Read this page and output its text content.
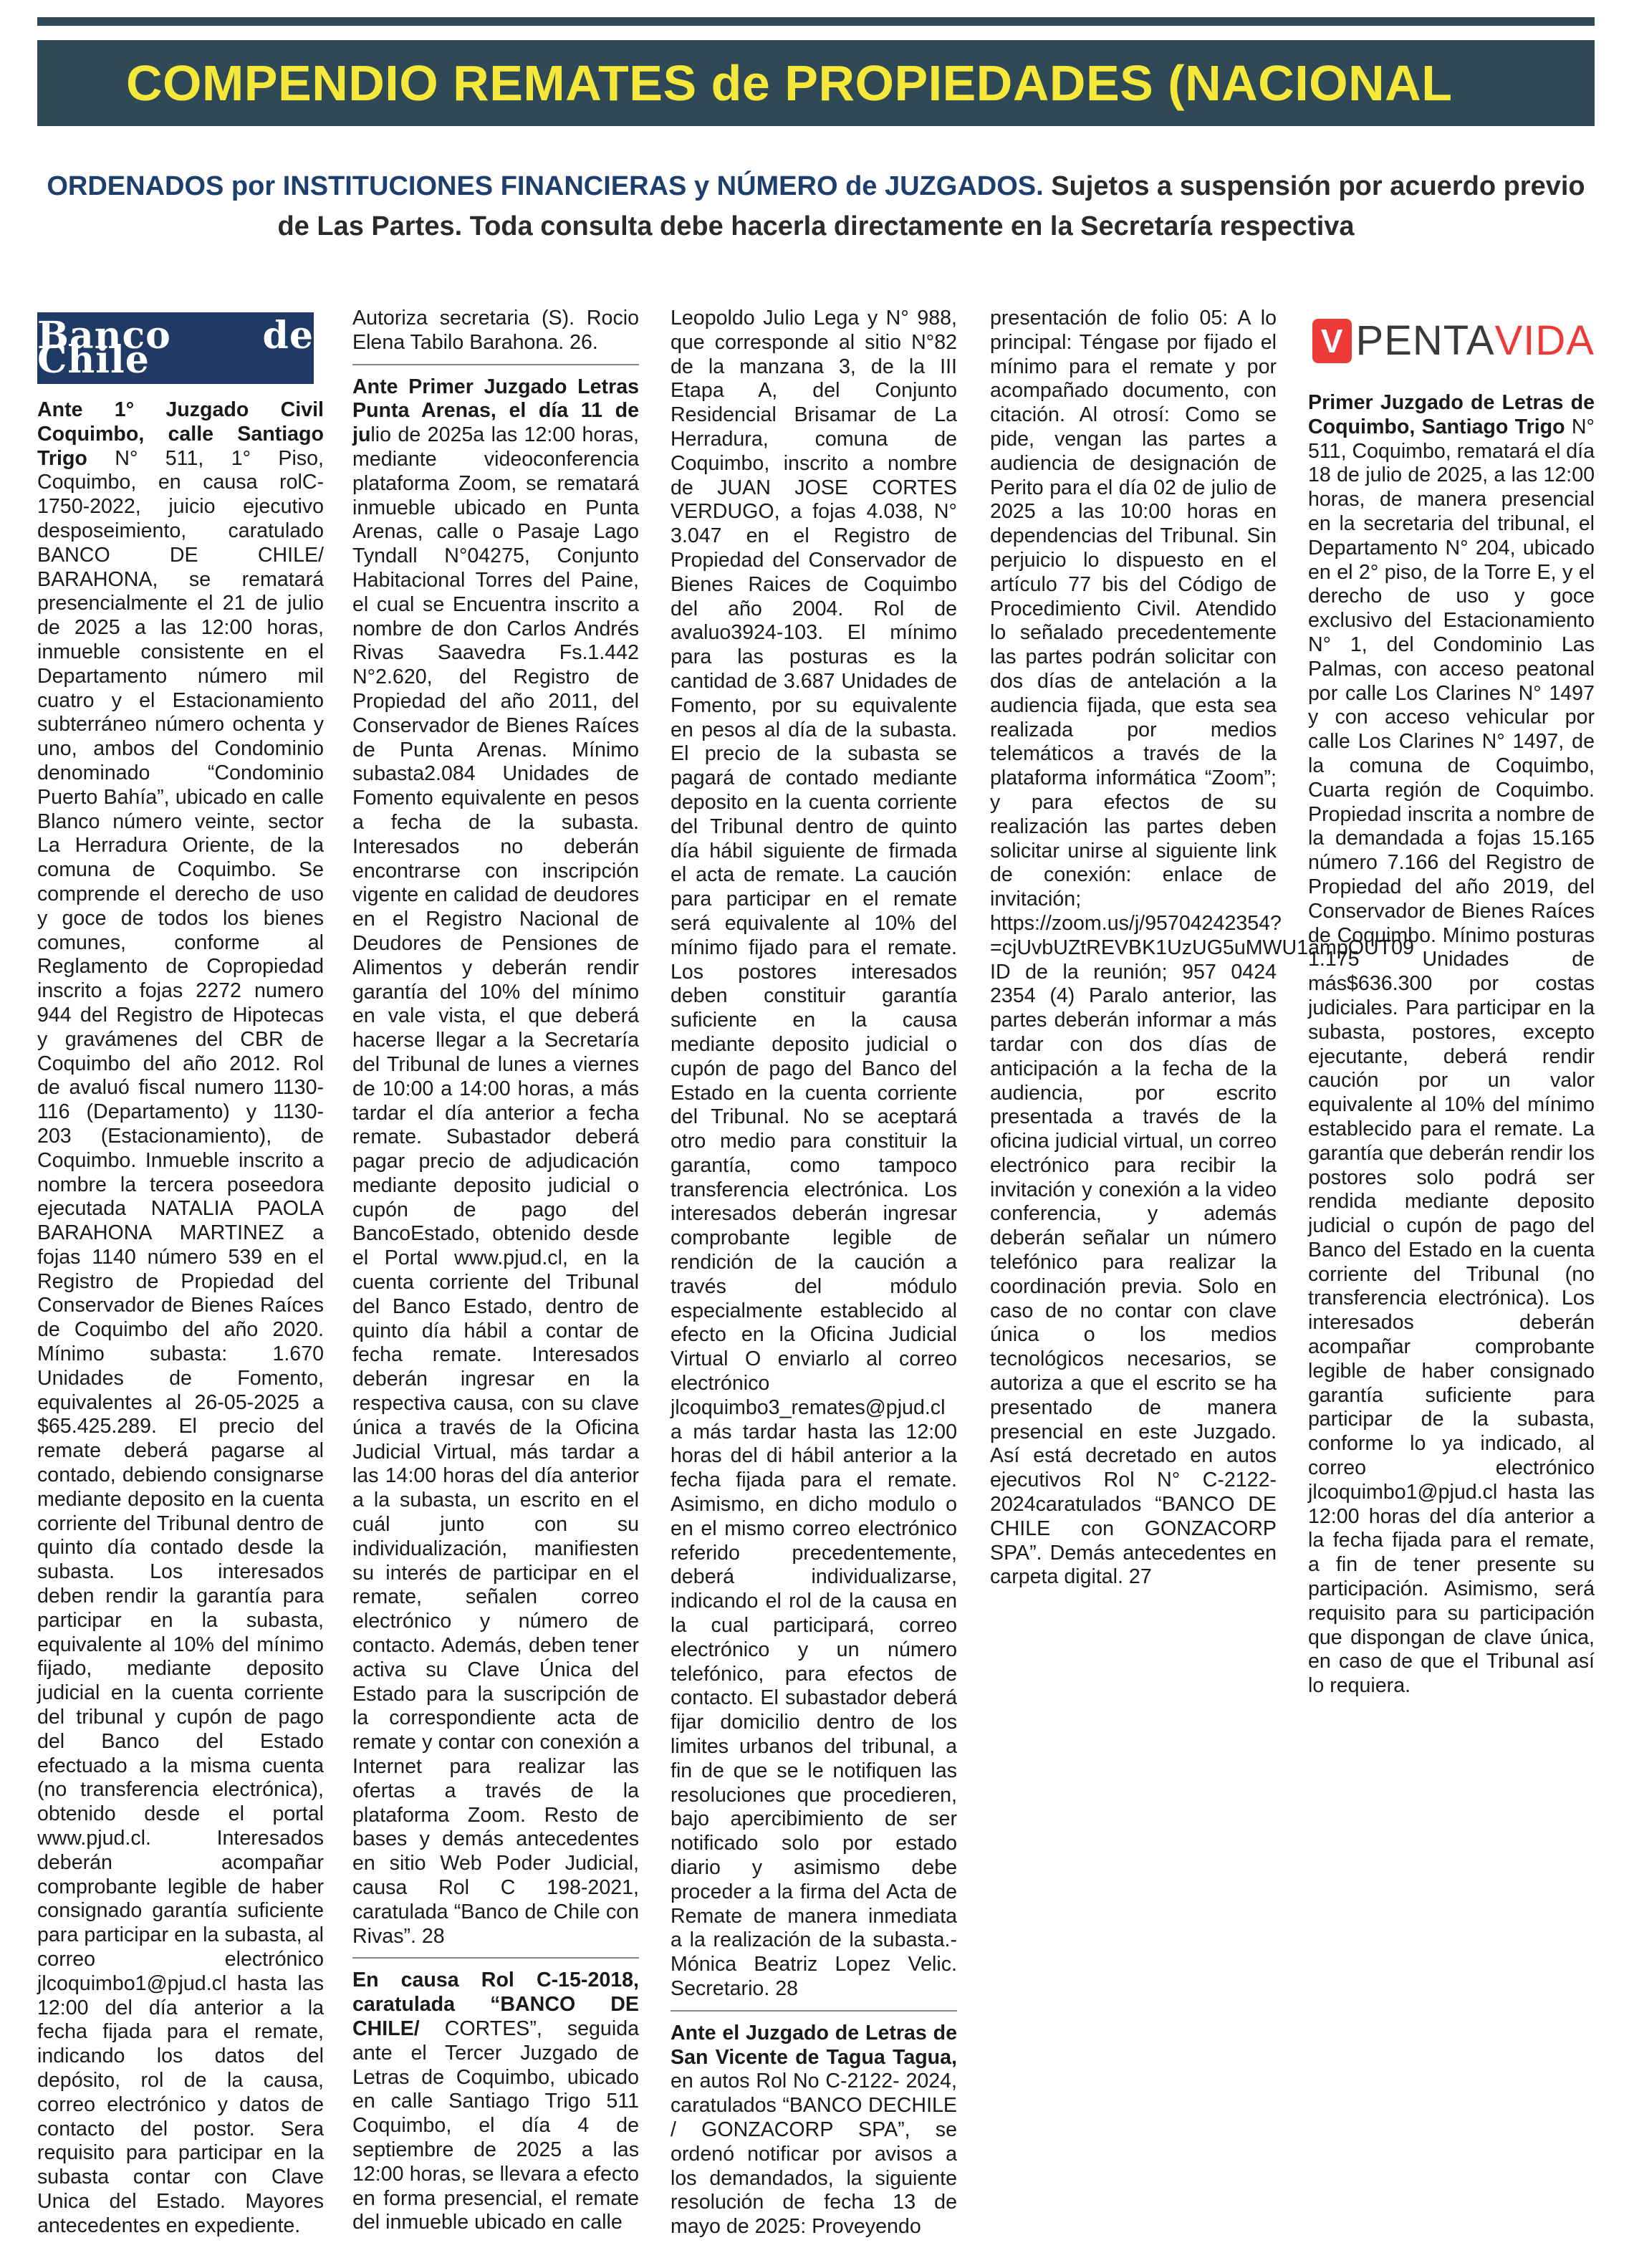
COMPENDIO REMATES de PROPIEDADES (NACIONAL
ORDENADOS por INSTITUCIONES FINANCIERAS y NÚMERO de JUZGADOS. Sujetos a suspensión por acuerdo previo de Las Partes. Toda consulta debe hacerla directamente en la Secretaría respectiva
Banco de Chile

Ante 1° Juzgado Civil Coquimbo, calle Santiago Trigo N° 511, 1° Piso, Coquimbo, en causa rolC-1750-2022, juicio ejecutivo desposeimiento, caratulado BANCO DE CHILE/ BARAHONA, se rematará presencialmente el 21 de julio de 2025 a las 12:00 horas, inmueble consistente en el Departamento número mil cuatro y el Estacionamiento subterráneo número ochenta y uno, ambos del Condominio denominado “Condominio Puerto Bahía”, ubicado en calle Blanco número veinte, sector La Herradura Oriente, de la comuna de Coquimbo. Se comprende el derecho de uso y goce de todos los bienes comunes, conforme al Reglamento de Copropiedad inscrito a fojas 2272 numero 944 del Registro de Hipotecas y gravámenes del CBR de Coquimbo del año 2012. Rol de avaluó fiscal numero 1130-116 (Departamento) y 1130-203 (Estacionamiento), de Coquimbo. Inmueble inscrito a nombre la tercera poseedora ejecutada NATALIA PAOLA BARAHONA MARTINEZ a fojas 1140 número 539 en el Registro de Propiedad del Conservador de Bienes Raíces de Coquimbo del año 2020. Mínimo subasta: 1.670 Unidades de Fomento, equivalentes al 26-05-2025 a $65.425.289. El precio del remate deberá pagarse al contado, debiendo consignarse mediante deposito en la cuenta corriente del Tribunal dentro de quinto día contado desde la subasta. Los interesados deben rendir la garantía para participar en la subasta, equivalente al 10% del mínimo fijado, mediante deposito judicial en la cuenta corriente del tribunal y cupón de pago del Banco del Estado efectuado a la misma cuenta (no transferencia electrónica), obtenido desde el portal www.pjud.cl. Interesados deberán acompañar comprobante legible de haber consignado garantía suficiente para participar en la subasta, al correo electrónico jlcoquimbo1@pjud.cl hasta las 12:00 del día anterior a la fecha fijada para el remate, indicando los datos del depósito, rol de la causa, correo electrónico y datos de contacto del postor. Sera requisito para participar en la subasta contar con Clave Unica del Estado. Mayores antecedentes en expediente.

Autoriza secretaria (S). Rocio Elena Tabilo Barahona. 26.

Ante Primer Juzgado Letras Punta Arenas, el día 11 de julio de 2025a las 12:00 horas, mediante videoconferencia plataforma Zoom, se rematará inmueble ubicado en Punta Arenas, calle o Pasaje Lago Tyndall N°04275, Conjunto Habitacional Torres del Paine, el cual se Encuentra inscrito a nombre de don Carlos Andrés Rivas Saavedra Fs.1.442 N°2.620, del Registro de Propiedad del año 2011, del Conservador de Bienes Raíces de Punta Arenas. Mínimo subasta2.084 Unidades de Fomento equivalente en pesos a fecha de la subasta. Interesados no deberán encontrarse con inscripción vigente en calidad de deudores en el Registro Nacional de Deudores de Pensiones de Alimentos y deberán rendir garantía del 10% del mínimo en vale vista, el que deberá hacerse llegar a la Secretaría del Tribunal de lunes a viernes de 10:00 a 14:00 horas, a más tardar el día anterior a fecha remate. Subastador deberá pagar precio de adjudicación mediante deposito judicial o cupón de pago del BancoEstado, obtenido desde el Portal www.pjud.cl, en la cuenta corriente del Tribunal del Banco Estado, dentro de quinto día hábil a contar de fecha remate. Interesados deberán ingresar en la respectiva causa, con su clave única a través de la Oficina Judicial Virtual, más tardar a las 14:00 horas del día anterior a la subasta, un escrito en el cuál junto con su individualización, manifiesten su interés de participar en el remate, señalen correo electrónico y número de contacto. Además, deben tener activa su Clave Única del Estado para la suscripción de la correspondiente acta de remate y contar con conexión a Internet para realizar las ofertas a través de la plataforma Zoom. Resto de bases y demás antecedentes en sitio Web Poder Judicial, causa Rol C 198-2021, caratulada “Banco de Chile con Rivas”. 28

En causa Rol C-15-2018, caratulada “BANCO DE CHILE/ CORTES”, seguida ante el Tercer Juzgado de Letras de Coquimbo, ubicado en calle Santiago Trigo 511 Coquimbo, el día 4 de septiembre de 2025 a las 12:00 horas, se llevara a efecto en forma presencial, el remate del inmueble ubicado en calle

Leopoldo Julio Lega y N° 988, que corresponde al sitio N°82 de la manzana 3, de la III Etapa A, del Conjunto Residencial Brisamar de La Herradura, comuna de Coquimbo, inscrito a nombre de JUAN JOSE CORTES VERDUGO, a fojas 4.038, N° 3.047 en el Registro de Propiedad del Conservador de Bienes Raices de Coquimbo del año 2004. Rol de avaluo3924-103. El mínimo para las posturas es la cantidad de 3.687 Unidades de Fomento, por su equivalente en pesos al día de la subasta. El precio de la subasta se pagará de contado mediante deposito en la cuenta corriente del Tribunal dentro de quinto día hábil siguiente de firmada el acta de remate. La caución para participar en el remate será equivalente al 10% del mínimo fijado para el remate. Los postores interesados deben constituir garantía suficiente en la causa mediante deposito judicial o cupón de pago del Banco del Estado en la cuenta corriente del Tribunal. No se aceptará otro medio para constituir la garantía, como tampoco transferencia electrónica. Los interesados deberán ingresar comprobante legible de rendición de la caución a través del módulo especialmente establecido al efecto en la Oficina Judicial Virtual O enviarlo al correo electrónico jlcoquimbo3_remates@pjud.cl a más tardar hasta las 12:00 horas del di hábil anterior a la fecha fijada para el remate. Asimismo, en dicho modulo o en el mismo correo electrónico referido precedentemente, deberá individualizarse, indicando el rol de la causa en la cual participará, correo electrónico y un número telefónico, para efectos de contacto. El subastador deberá fijar domicilio dentro de los limites urbanos del tribunal, a fin de que se le notifiquen las resoluciones que procedieren, bajo apercibimiento de ser notificado solo por estado diario y asimismo debe proceder a la firma del Acta de Remate de manera inmediata a la realización de la subasta.- Mónica Beatriz Lopez Velic. Secretario. 28

Ante el Juzgado de Letras de San Vicente de Tagua Tagua, en autos Rol No C-2122- 2024, caratulados “BANCO DECHILE / GONZACORP SPA”, se ordenó notificar por avisos a los demandados, la siguiente resolución de fecha 13 de mayo de 2025: Proveyendo

presentación de folio 05: A lo principal: Téngase por fijado el mínimo para el remate y por acompañado documento, con citación. Al otrosí: Como se pide, vengan las partes a audiencia de designación de Perito para el día 02 de julio de 2025 a las 10:00 horas en dependencias del Tribunal. Sin perjuicio lo dispuesto en el artículo 77 bis del Código de Procedimiento Civil. Atendido lo señalado precedentemente las partes podrán solicitar con dos días de antelación a la audiencia fijada, que esta sea realizada por medios telemáticos a través de la plataforma informática “Zoom”; y para efectos de su realización las partes deben solicitar unirse al siguiente link de conexión: enlace de invitación; https://zoom.us/j/95704242354?=cjUvbUZtREVBK1UzUG5uMWU1ampOUT09 ID de la reunión; 957 0424 2354 (4) Paralo anterior, las partes deberán informar a más tardar con dos días de anticipación a la fecha de la audiencia, por escrito presentada a través de la oficina judicial virtual, un correo electrónico para recibir la invitación y conexión a la video conferencia, y además deberán señalar un número telefónico para realizar la coordinación previa. Solo en caso de no contar con clave única o los medios tecnológicos necesarios, se autoriza a que el escrito se ha presentado de manera presencial en este Juzgado. Así está decretado en autos ejecutivos Rol N° C-2122-2024caratulados “BANCO DE CHILE con GONZACORP SPA”. Demás antecedentes en carpeta digital. 27

V PENTA VIDA

Primer Juzgado de Letras de Coquimbo, Santiago Trigo N° 511, Coquimbo, rematará el día 18 de julio de 2025, a las 12:00 horas, de manera presencial en la secretaria del tribunal, el Departamento N° 204, ubicado en el 2° piso, de la Torre E, y el derecho de uso y goce exclusivo del Estacionamiento N° 1, del Condominio Las Palmas, con acceso peatonal por calle Los Clarines N° 1497 y con acceso vehicular por calle Los Clarines N° 1497, de la comuna de Coquimbo, Cuarta región de Coquimbo. Propiedad inscrita a nombre de la demandada a fojas 15.165 número 7.166 del Registro de Propiedad del año 2019, del Conservador de Bienes Raíces de Coquimbo. Mínimo posturas 1.175 Unidades de más$636.300 por costas judiciales. Para participar en la subasta, postores, excepto ejecutante, deberá rendir caución por un valor equivalente al 10% del mínimo establecido para el remate. La garantía que deberán rendir los postores solo podrá ser rendida mediante deposito judicial o cupón de pago del Banco del Estado en la cuenta corriente del Tribunal (no transferencia electrónica). Los interesados deberán acompañar comprobante legible de haber consignado garantía suficiente para participar de la subasta, conforme lo ya indicado, al correo electrónico jlcoquimbo1@pjud.cl hasta las 12:00 horas del día anterior a la fecha fijada para el remate, a fin de tener presente su participación. Asimismo, será requisito para su participación que dispongan de clave única, en caso de que el Tribunal así lo requiera.
